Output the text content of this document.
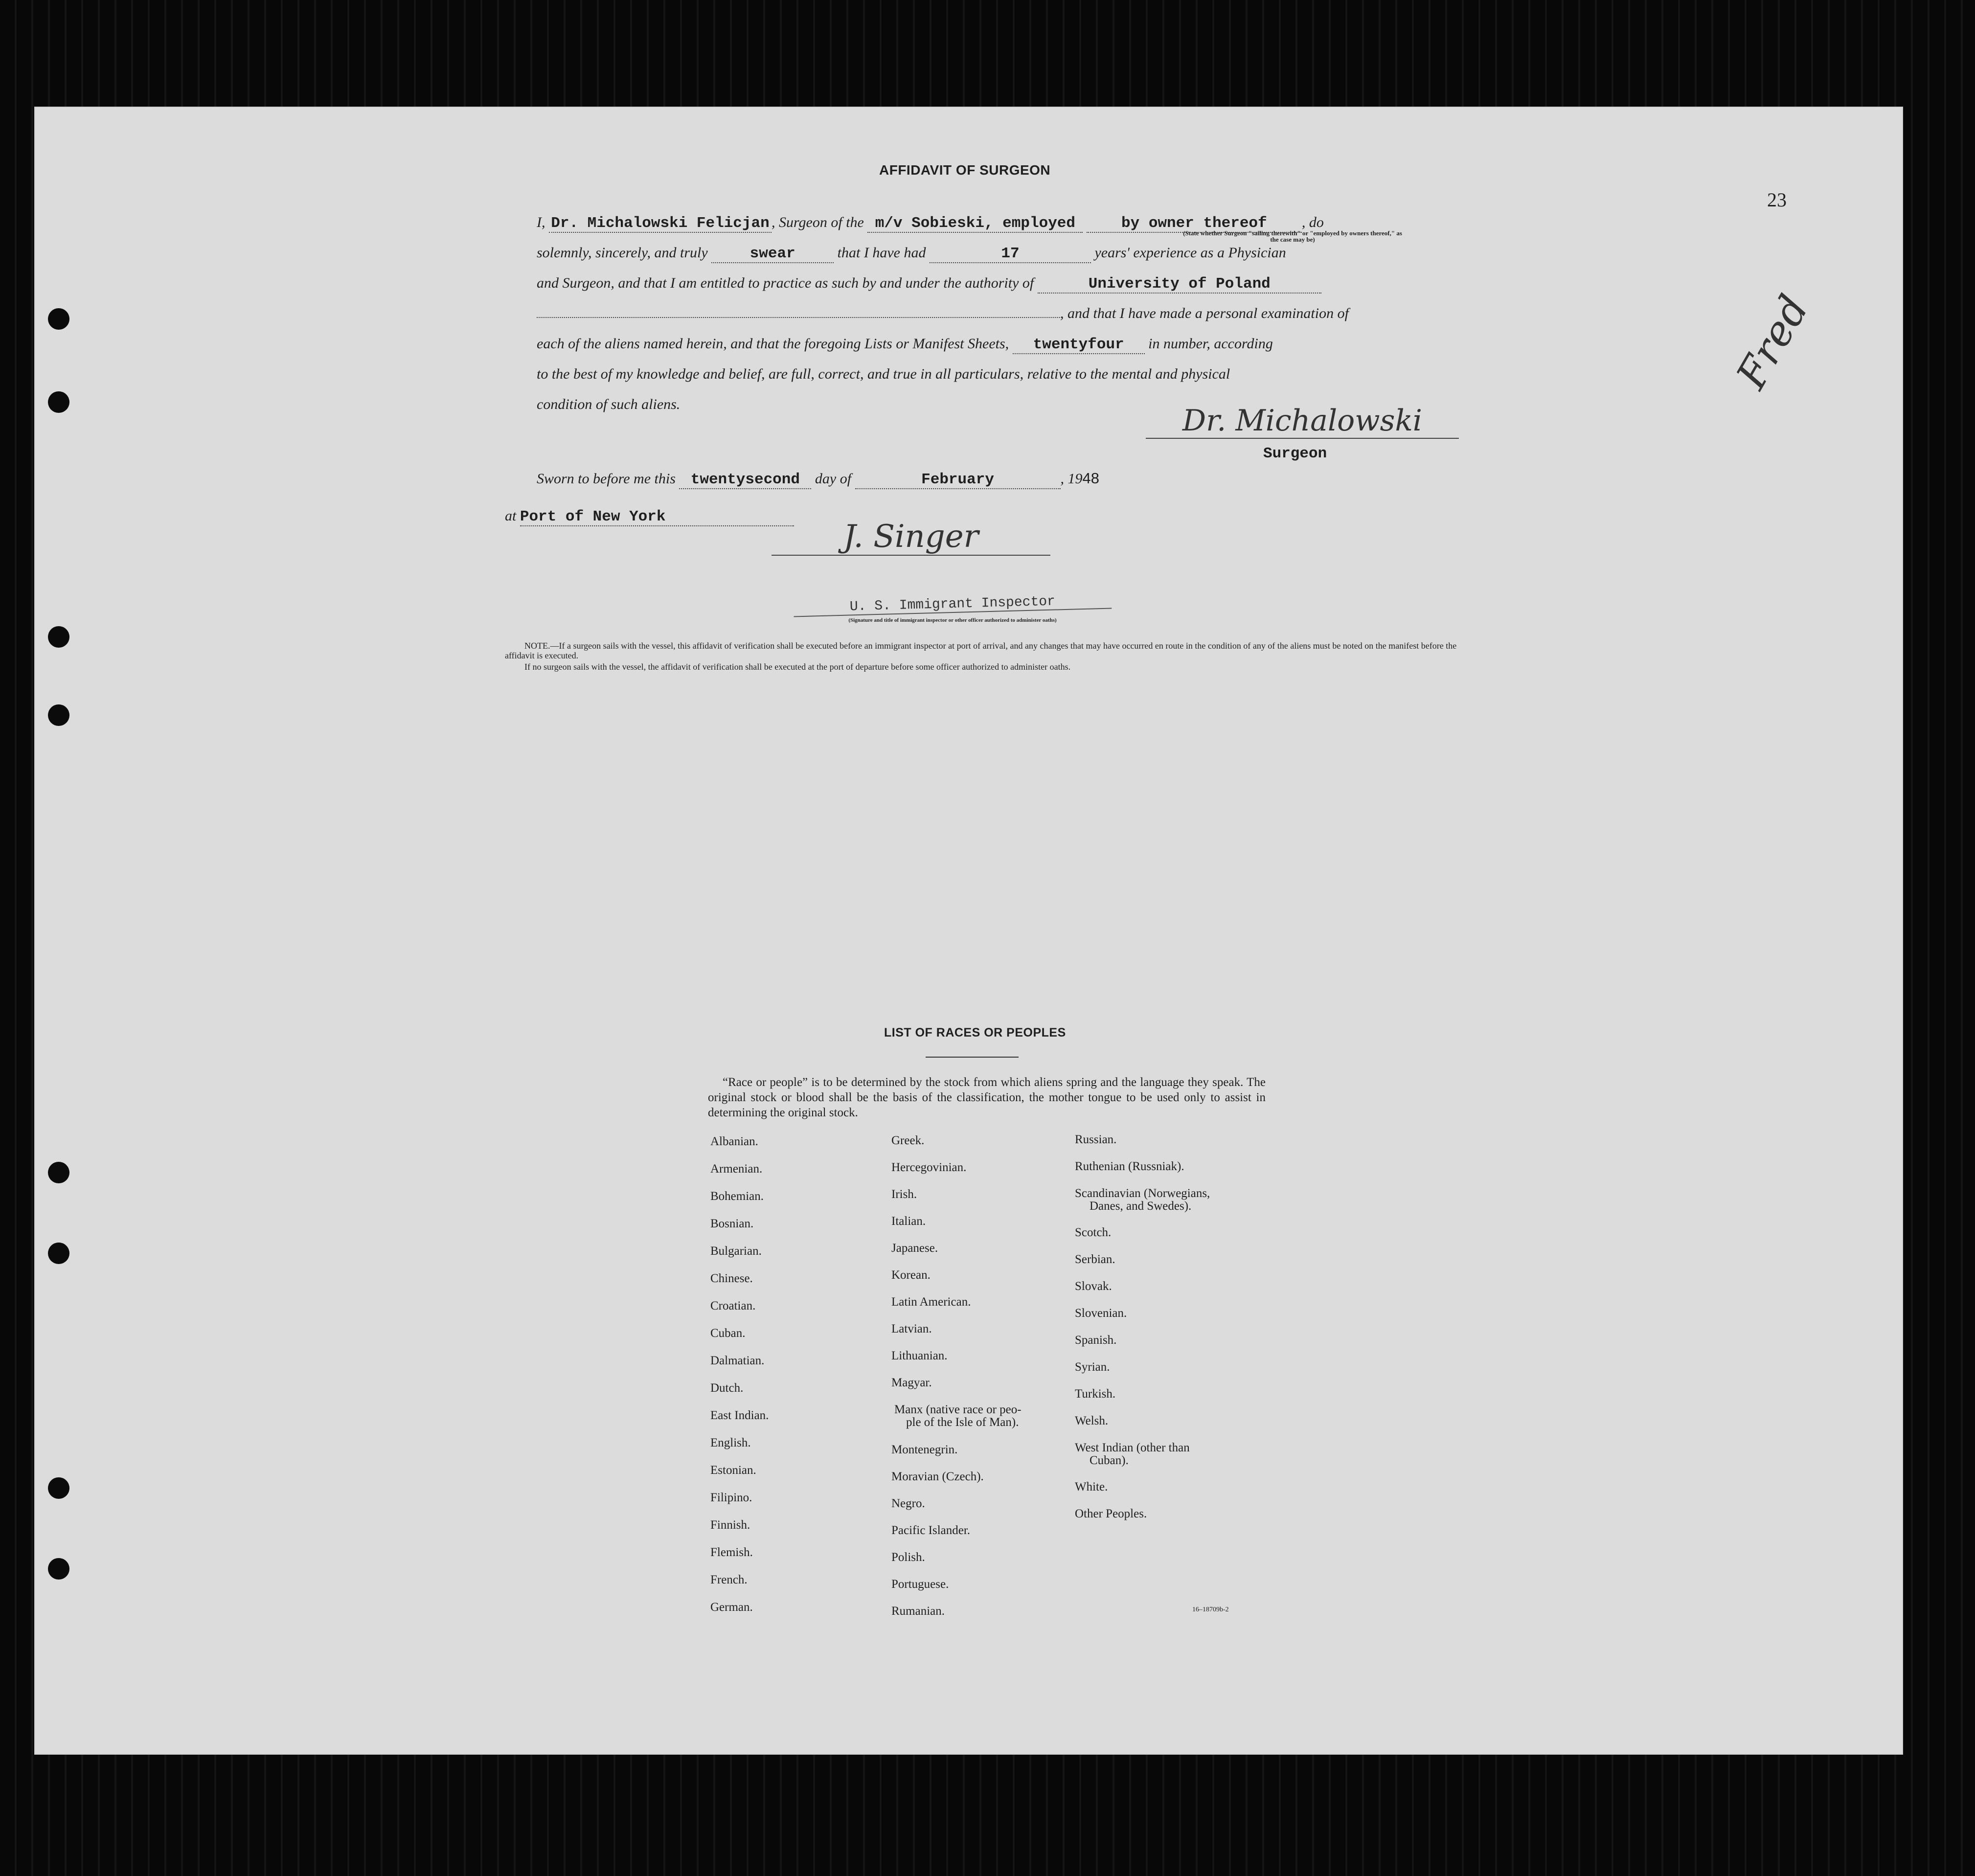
23
Fred
AFFIDAVIT OF SURGEON
I, Dr. Michalowski Felicjan , Surgeon of the m/v Sobieski, employed	by owner thereof , do
(State whether Surgeon "sailing therewith" or "employed by owners thereof," as the case may be)
solemnly, sincerely, and truly	swear	that I have had	17	years' experience as a Physician
and Surgeon, and that I am entitled to practice as such by and under the authority of	University of Poland
, and that I have made a personal examination of
each of the aliens named herein, and that the foregoing Lists or Manifest Sheets, twentyfour in number, according
to the best of my knowledge and belief, are full, correct, and true in all particulars, relative to the mental and physical
condition of such aliens.	Dr. Michalowski
Surgeon
Sworn to before me this twentysecond day of	February	, 1948
at Port of New York
J. Singer
U. S. Immigrant Inspector
(Signature and title of immigrant inspector or other officer authorized to administer oaths)
NOTE.—If a surgeon sails with the vessel, this affidavit of verification shall be executed before an immigrant inspector at port of arrival, and any changes that may have occurred en route in the condition of any of the aliens must be noted on the manifest before the affidavit is executed.
If no surgeon sails with the vessel, the affidavit of verification shall be executed at the port of departure before some officer authorized to administer oaths.
LIST OF RACES OR PEOPLES
“Race or people” is to be determined by the stock from which aliens spring and the language they speak. The original stock or blood shall be the basis of the classification, the mother tongue to be used only to assist in determining the original stock.
Albanian.
Armenian.
Bohemian.
Bosnian.
Bulgarian.
Chinese.
Croatian.
Cuban.
Dalmatian.
Dutch.
East Indian.
English.
Estonian.
Filipino.
Finnish.
Flemish.
French.
German.
Greek.
Hercegovinian.
Irish.
Italian.
Japanese.
Korean.
Latin American.
Latvian.
Lithuanian.
Magyar.
Manx (native race or peo-
ple of the Isle of Man).
Montenegrin.
Moravian (Czech).
Negro.
Pacific Islander.
Polish.
Portuguese.
Rumanian.
Russian.
Ruthenian (Russniak).
Scandinavian (Norwegians,
Danes, and Swedes).
Scotch.
Serbian.
Slovak.
Slovenian.
Spanish.
Syrian.
Turkish.
Welsh.
West Indian (other than
Cuban).
White.
Other Peoples.
16–18709b-2
